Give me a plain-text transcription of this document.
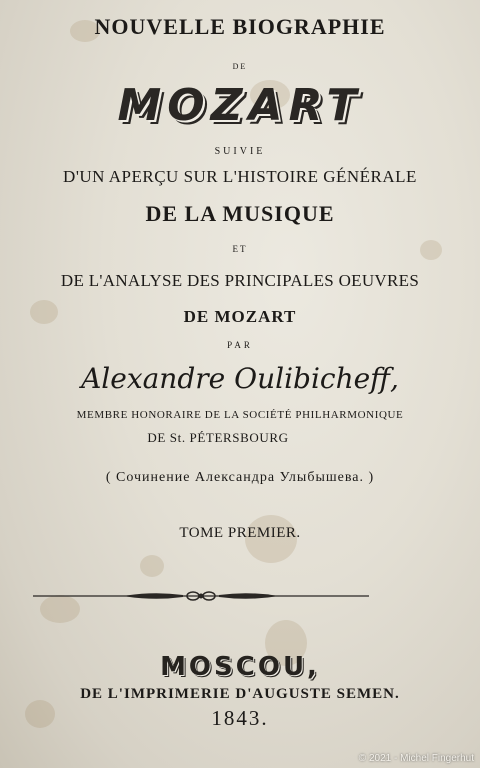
NOUVELLE BIOGRAPHIE
DE
MOZART
SUIVIE
D'UN APERÇU SUR L'HISTOIRE GÉNÉRALE
DE LA MUSIQUE
ET
DE L'ANALYSE DES PRINCIPALES OEUVRES
DE MOZART
PAR
Alexandre Oulibicheff,
MEMBRE HONORAIRE DE LA SOCIÉTÉ PHILHARMONIQUE
DE St. PÉTERSBOURG
( Сочинение Александра Улыбышева. )
TOME PREMIER.
MOSCOU,
DE L'IMPRIMERIE D'AUGUSTE SEMEN.
1843.
© 2021 - Michel Fingerhut
